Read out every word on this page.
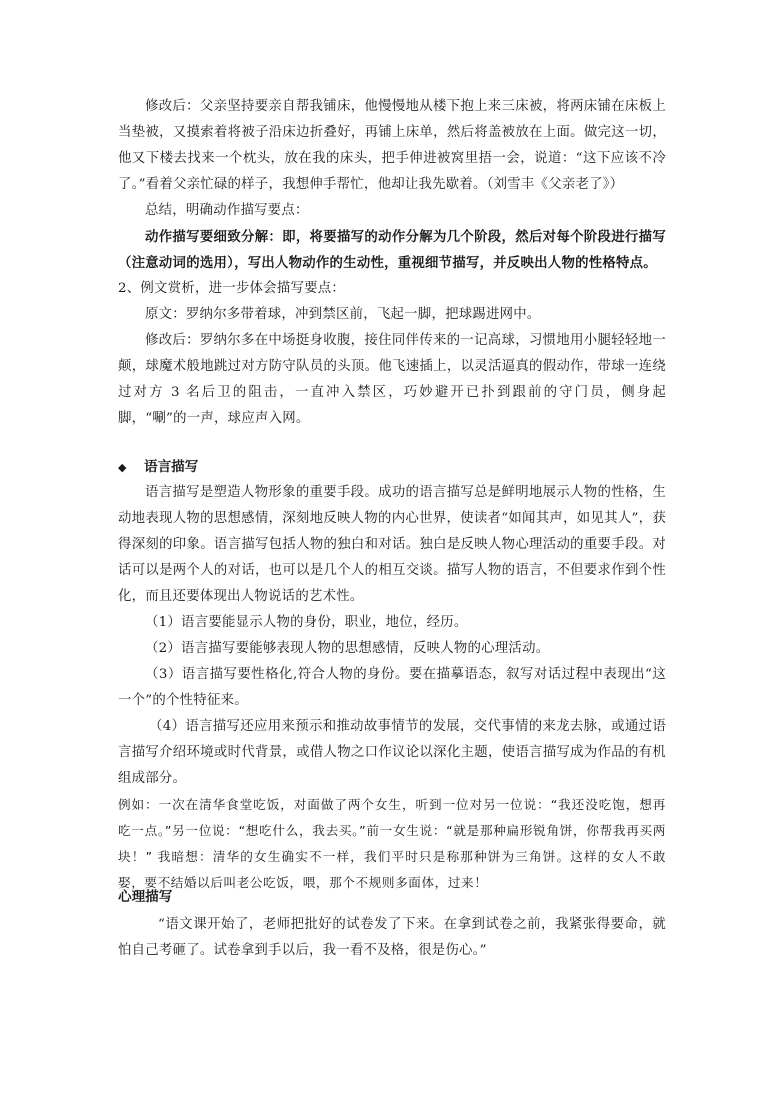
修改后：父亲坚持要亲自帮我铺床，他慢慢地从楼下抱上来三床被，将两床铺在床板上当垫被，又摸索着将被子沿床边折叠好，再铺上床单，然后将盖被放在上面。做完这一切，他又下楼去找来一个枕头，放在我的床头，把手伸进被窝里捂一会，说道：“这下应该不冷了。”看着父亲忙碌的样子，我想伸手帮忙，他却让我先歇着。（刘雪丰《父亲老了》）

总结，明确动作描写要点：

动作描写要细致分解：即，将要描写的动作分解为几个阶段，然后对每个阶段进行描写（注意动词的选用），写出人物动作的生动性，重视细节描写，并反映出人物的性格特点。

2、例文赏析，进一步体会描写要点：

原文：罗纳尔多带着球，冲到禁区前，飞起一脚，把球踢进网中。

修改后：罗纳尔多在中场挺身收腹，接住同伴传来的一记高球，习惯地用小腿轻轻地一颠，球魔术般地跳过对方防守队员的头顶。他飞速插上，以灵活逼真的假动作，带球一连绕过对方 3 名后卫的阻击，一直冲入禁区，巧妙避开已扑到跟前的守门员，侧身起脚，“唰”的一声，球应声入网。

◆ 语言描写

语言描写是塑造人物形象的重要手段。成功的语言描写总是鲜明地展示人物的性格，生动地表现人物的思想感情，深刻地反映人物的内心世界，使读者“如闻其声，如见其人”，获得深刻的印象。语言描写包括人物的独白和对话。独白是反映人物心理活动的重要手段。对话可以是两个人的对话，也可以是几个人的相互交谈。描写人物的语言，不但要求作到个性化，而且还要体现出人物说话的艺术性。

（1）语言要能显示人物的身份，职业，地位，经历。

（2）语言描写要能够表现人物的思想感情，反映人物的心理活动。

（3）语言描写要性格化,符合人物的身份。要在描摹语态，叙写对话过程中表现出“这一个”的个性特征来。

（4）语言描写还应用来预示和推动故事情节的发展，交代事情的来龙去脉，或通过语言描写介绍环境或时代背景，或借人物之口作议论以深化主题，使语言描写成为作品的有机组成部分。

例如：一次在清华食堂吃饭，对面做了两个女生，听到一位对另一位说：“我还没吃饱，想再吃一点。”另一位说：“想吃什么，我去买。”前一女生说：“就是那种扁形锐角饼，你帮我再买两块！” 我暗想：清华的女生确实不一样，我们平时只是称那种饼为三角饼。这样的女人不敢娶，要不结婚以后叫老公吃饭，喂，那个不规则多面体，过来！

心理描写

“语文课开始了，老师把批好的试卷发了下来。在拿到试卷之前，我紧张得要命，就怕自己考砸了。试卷拿到手以后，我一看不及格，很是伤心。”
